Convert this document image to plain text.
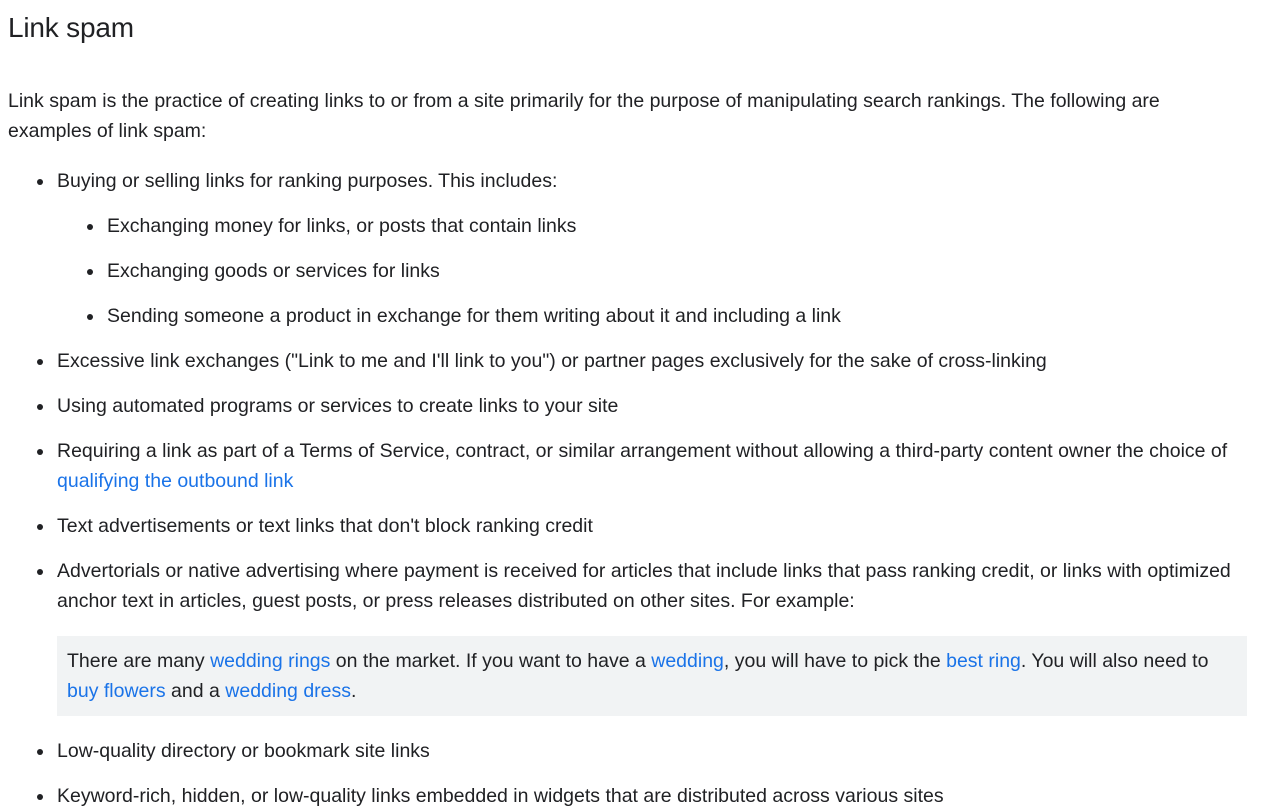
Link spam

Link spam is the practice of creating links to or from a site primarily for the purpose of manipulating search rankings. The following are examples of link spam:

Buying or selling links for ranking purposes. This includes:
Exchanging money for links, or posts that contain links
Exchanging goods or services for links
Sending someone a product in exchange for them writing about it and including a link
Excessive link exchanges ("Link to me and I'll link to you") or partner pages exclusively for the sake of cross-linking
Using automated programs or services to create links to your site
Requiring a link as part of a Terms of Service, contract, or similar arrangement without allowing a third-party content owner the choice of qualifying the outbound link
Text advertisements or text links that don't block ranking credit
Advertorials or native advertising where payment is received for articles that include links that pass ranking credit, or links with optimized anchor text in articles, guest posts, or press releases distributed on other sites. For example:
There are many wedding rings on the market. If you want to have a wedding, you will have to pick the best ring. You will also need to buy flowers and a wedding dress.
Low-quality directory or bookmark site links
Keyword-rich, hidden, or low-quality links embedded in widgets that are distributed across various sites
